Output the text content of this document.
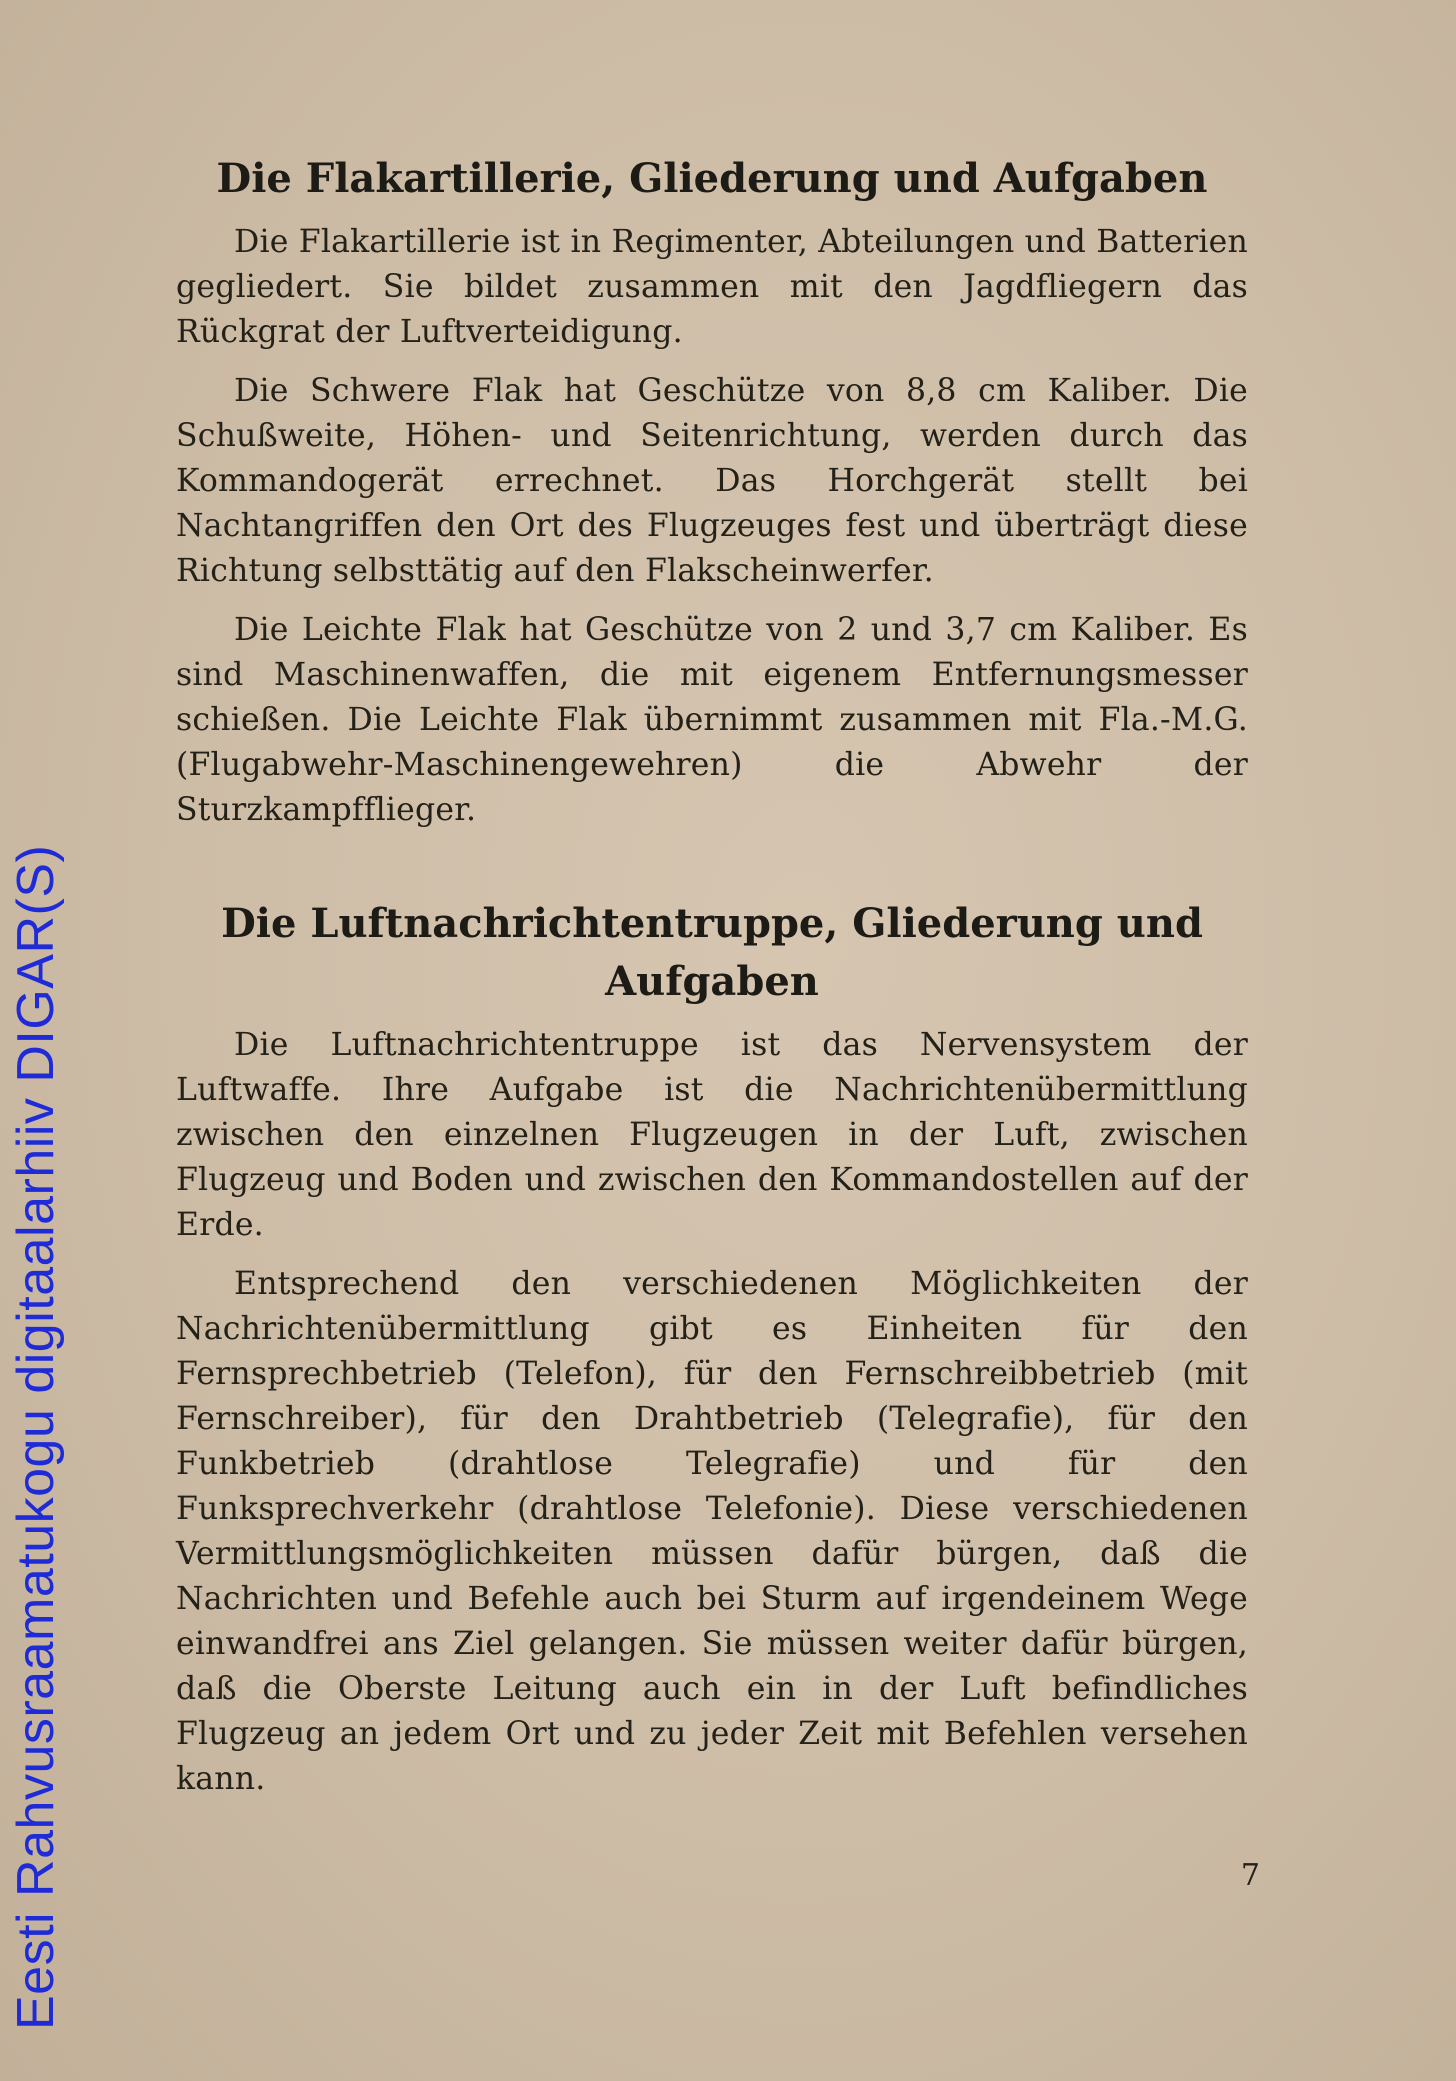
Eesti Rahvusraamatukogu digitaalarhiiv DIGAR(S)
Die Flakartillerie, Gliederung und Aufgaben

Die Flakartillerie ist in Regimenter, Abteilungen und Batterien gegliedert. Sie bildet zusammen mit den Jagdfliegern das Rückgrat der Luftverteidigung.

Die Schwere Flak hat Geschütze von 8,8 cm Kaliber. Die Schußweite, Höhen- und Seitenrichtung, werden durch das Kommandogerät errechnet. Das Horchgerät stellt bei Nachtangriffen den Ort des Flugzeuges fest und überträgt diese Richtung selbsttätig auf den Flakscheinwerfer.

Die Leichte Flak hat Geschütze von 2 und 3,7 cm Kaliber. Es sind Maschinenwaffen, die mit eigenem Entfernungsmesser schießen. Die Leichte Flak übernimmt zusammen mit Fla.-M.G. (Flugabwehr-Maschinengewehren) die Abwehr der Sturzkampfflieger.

Die Luftnachrichtentruppe, Gliederung und Aufgaben

Die Luftnachrichtentruppe ist das Nervensystem der Luftwaffe. Ihre Aufgabe ist die Nachrichtenübermittlung zwischen den einzelnen Flugzeugen in der Luft, zwischen Flugzeug und Boden und zwischen den Kommandostellen auf der Erde.

Entsprechend den verschiedenen Möglichkeiten der Nachrichtenübermittlung gibt es Einheiten für den Fernsprechbetrieb (Telefon), für den Fernschreibbetrieb (mit Fernschreiber), für den Drahtbetrieb (Telegrafie), für den Funkbetrieb (drahtlose Telegrafie) und für den Funksprechverkehr (drahtlose Telefonie). Diese verschiedenen Vermittlungsmöglichkeiten müssen dafür bürgen, daß die Nachrichten und Befehle auch bei Sturm auf irgendeinem Wege einwandfrei ans Ziel gelangen. Sie müssen weiter dafür bürgen, daß die Oberste Leitung auch ein in der Luft befindliches Flugzeug an jedem Ort und zu jeder Zeit mit Befehlen versehen kann.

7
